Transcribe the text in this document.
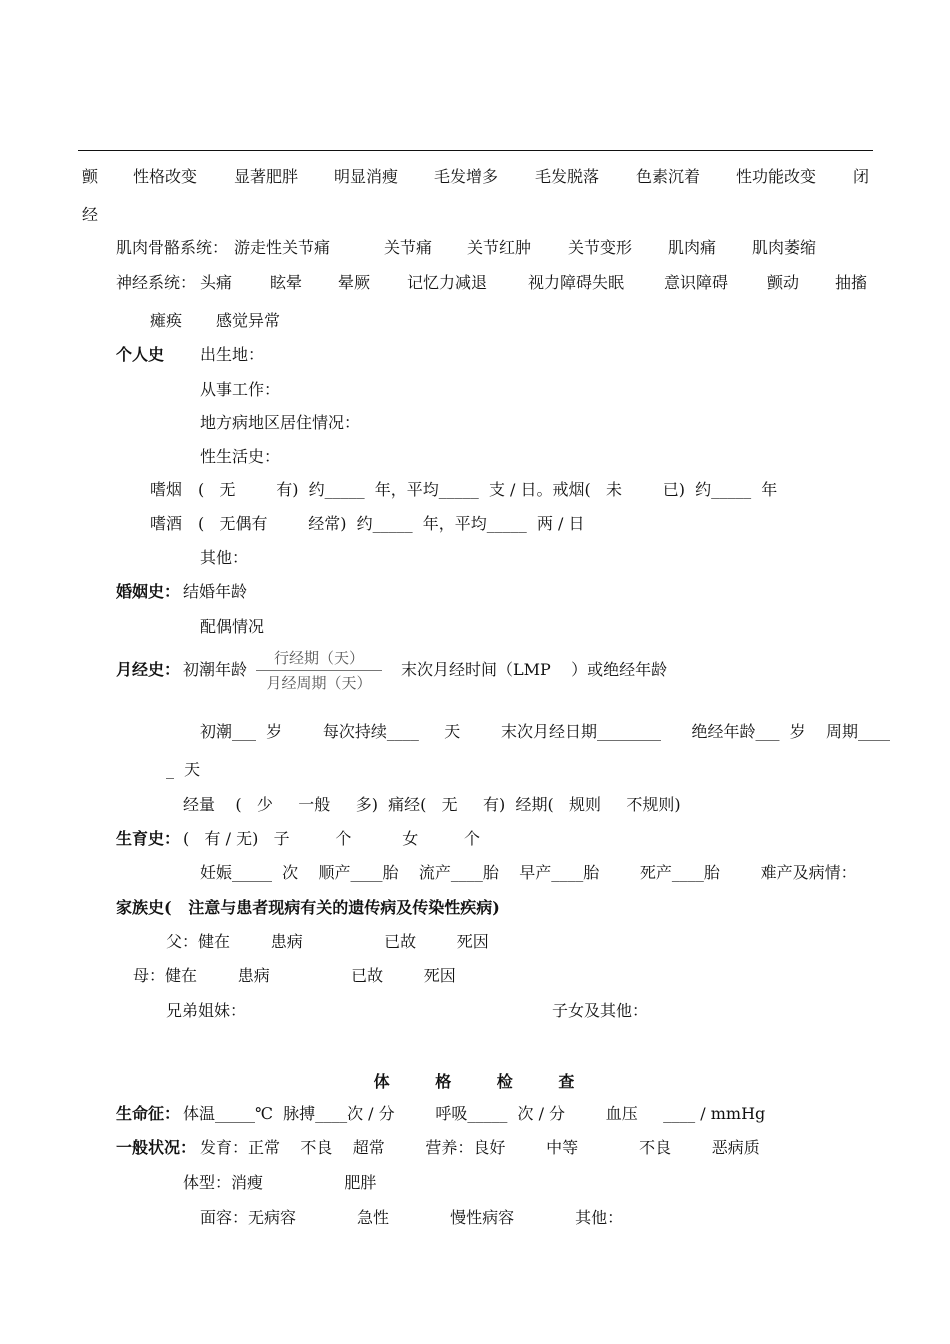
颤 性格改变 显著肥胖 明显消瘦 毛发增多 毛发脱落 色素沉着 性功能改变 闭
经
肌肉骨骼系统： 游走性关节痛	关节痛 关节红肿 关节变形 肌肉痛 肌肉萎缩
神经系统： 头痛 眩晕 晕厥 记忆力减退	视力障碍失眠 意识障碍 颤动 抽搐
瘫痪 感觉异常
个人史 出生地：
从事工作：
地方病地区居住情况：
性生活史：
嗜烟 (   无        有)  约_____  年，平均_____  支 / 日。戒烟(   未        已)  约_____  年
嗜酒 (   无偶有        经常)  约_____  年，平均_____  两 / 日
其他：
婚姻史： 结婚年龄
配偶情况
月经史： 初潮年龄
行经期（天）
月经周期（天）
末次月经时间（LMP    ）或绝经年龄
初潮___  岁        每次持续____     天        末次月经日期________      绝经年龄___  岁    周期____
_  天
经量    (   少     一般     多)  痛经(   无     有)  经期(   规则     不规则)
生育史： (   有 / 无)   子         个          女         个
妊娠_____  次    顺产____胎    流产____胎    早产____胎        死产____胎        难产及病情：
家族史(   注意与患者现病有关的遗传病及传染性疾病)
父：健在        患病                已故        死因
母：健在        患病                已故        死因
兄弟姐妹：	子女及其他：
体	格	检	查
生命征： 体温_____℃  脉搏____次 / 分        呼吸_____  次 / 分        血压     ____ / mmHg
一般状况： 发育：正常    不良    超常        营养：良好        中等            不良        恶病质
体型：消瘦                肥胖
面容：无病容            急性            慢性病容            其他：
